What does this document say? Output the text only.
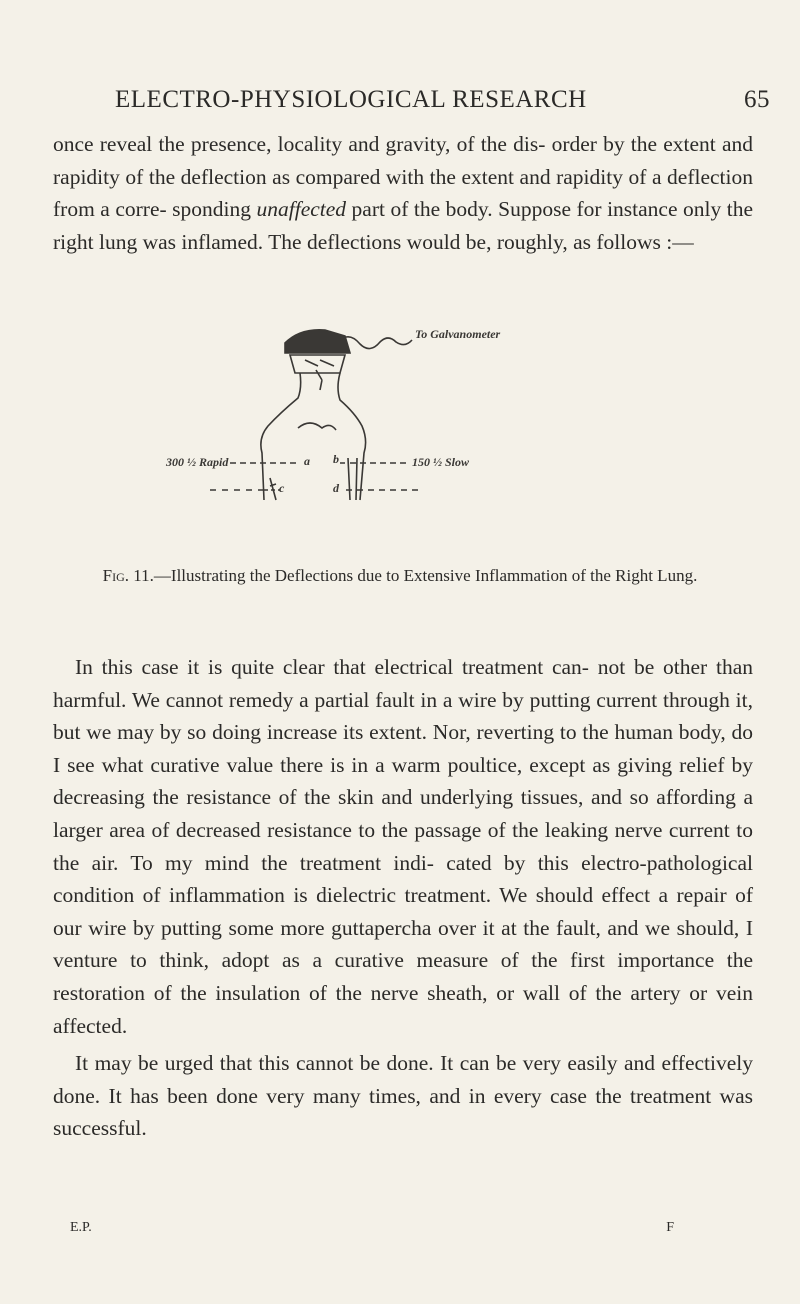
ELECTRO-PHYSIOLOGICAL RESEARCH	65
once reveal the presence, locality and gravity, of the dis- order by the extent and rapidity of the deflection as compared with the extent and rapidity of a deflection from a corre- sponding unaffected part of the body. Suppose for instance only the right lung was inflamed. The deflections would be, roughly, as follows :—
To Galvanometer
300 ½ Rapid	150 ½ Slow
a b
c	d
Fig. 11.—Illustrating the Deflections due to Extensive Inflammation of the Right Lung.
In this case it is quite clear that electrical treatment can- not be other than harmful. We cannot remedy a partial fault in a wire by putting current through it, but we may by so doing increase its extent. Nor, reverting to the human body, do I see what curative value there is in a warm poultice, except as giving relief by decreasing the resistance of the skin and underlying tissues, and so affording a larger area of decreased resistance to the passage of the leaking nerve current to the air. To my mind the treatment indi- cated by this electro-pathological condition of inflammation is dielectric treatment. We should effect a repair of our wire by putting some more guttapercha over it at the fault, and we should, I venture to think, adopt as a curative measure of the first importance the restoration of the insulation of the nerve sheath, or wall of the artery or vein affected.
It may be urged that this cannot be done. It can be very easily and effectively done. It has been done very many times, and in every case the treatment was successful.
E.P.	F
